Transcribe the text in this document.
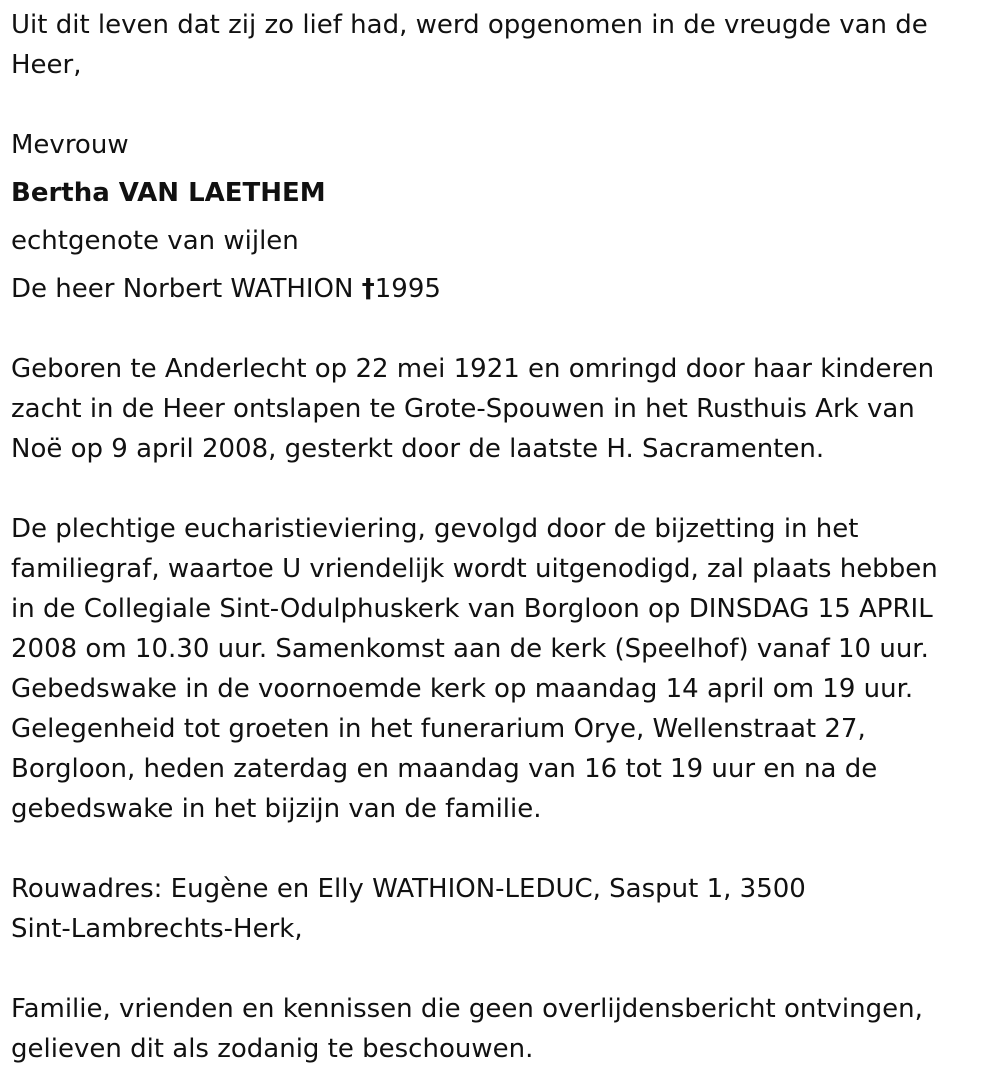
Uit dit leven dat zij zo lief had, werd opgenomen in de vreugde van de
Heer,
Mevrouw
Bertha VAN LAETHEM
echtgenote van wijlen
De heer Norbert WATHION †1995
Geboren te Anderlecht op 22 mei 1921 en omringd door haar kinderen
zacht in de Heer ontslapen te Grote-Spouwen in het Rusthuis Ark van
Noë op 9 april 2008, gesterkt door de laatste H. Sacramenten.
De plechtige eucharistieviering, gevolgd door de bijzetting in het
familiegraf, waartoe U vriendelijk wordt uitgenodigd, zal plaats hebben
in de Collegiale Sint-Odulphuskerk van Borgloon op DINSDAG 15 APRIL
2008 om 10.30 uur. Samenkomst aan de kerk (Speelhof) vanaf 10 uur.
Gebedswake in de voornoemde kerk op maandag 14 april om 19 uur.
Gelegenheid tot groeten in het funerarium Orye, Wellenstraat 27,
Borgloon, heden zaterdag en maandag van 16 tot 19 uur en na de
gebedswake in het bijzijn van de familie.
Rouwadres: Eugène en Elly WATHION-LEDUC, Sasput 1, 3500
Sint-Lambrechts-Herk,
Familie, vrienden en kennissen die geen overlijdensbericht ontvingen,
gelieven dit als zodanig te beschouwen.
